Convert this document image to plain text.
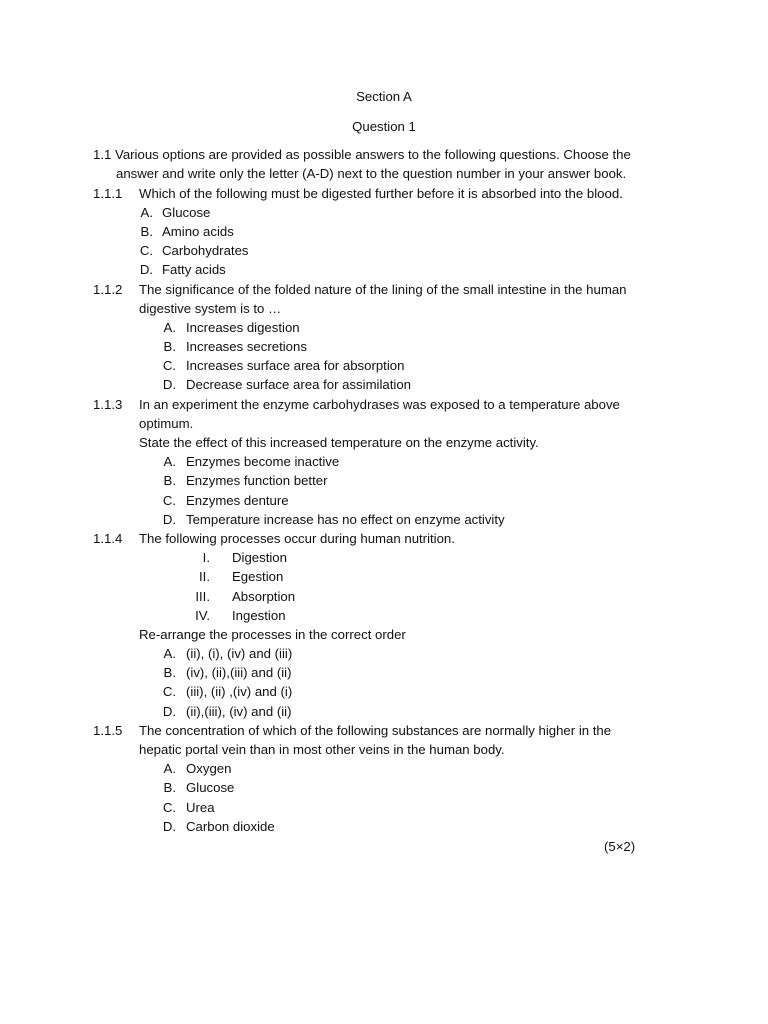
Section A
Question 1
1.1 Various options are provided as possible answers to the following questions. Choose the
answer and write only the letter (A-D) next to the question number in your answer book.
1.1.1 Which of the following must be digested further before it is absorbed into the blood.
A. Glucose
B. Amino acids
C. Carbohydrates
D. Fatty acids
1.1.2 The significance of the folded nature of the lining of the small intestine in the human
digestive system is to …
A. Increases digestion
B. Increases secretions
C. Increases surface area for absorption
D. Decrease surface area for assimilation
1.1.3 In an experiment the enzyme carbohydrases was exposed to a temperature above
optimum.
State the effect of this increased temperature on the enzyme activity.
A. Enzymes become inactive
B. Enzymes function better
C. Enzymes denture
D. Temperature increase has no effect on enzyme activity
1.1.4 The following processes occur during human nutrition.
I. Digestion
II. Egestion
III. Absorption
IV. Ingestion
Re-arrange the processes in the correct order
A. (ii), (i), (iv) and (iii)
B. (iv), (ii),(iii) and (ii)
C. (iii), (ii) ,(iv) and (i)
D. (ii),(iii), (iv) and (ii)
1.1.5 The concentration of which of the following substances are normally higher in the
hepatic portal vein than in most other veins in the human body.
A. Oxygen
B. Glucose
C. Urea
D. Carbon dioxide
(5×2)
